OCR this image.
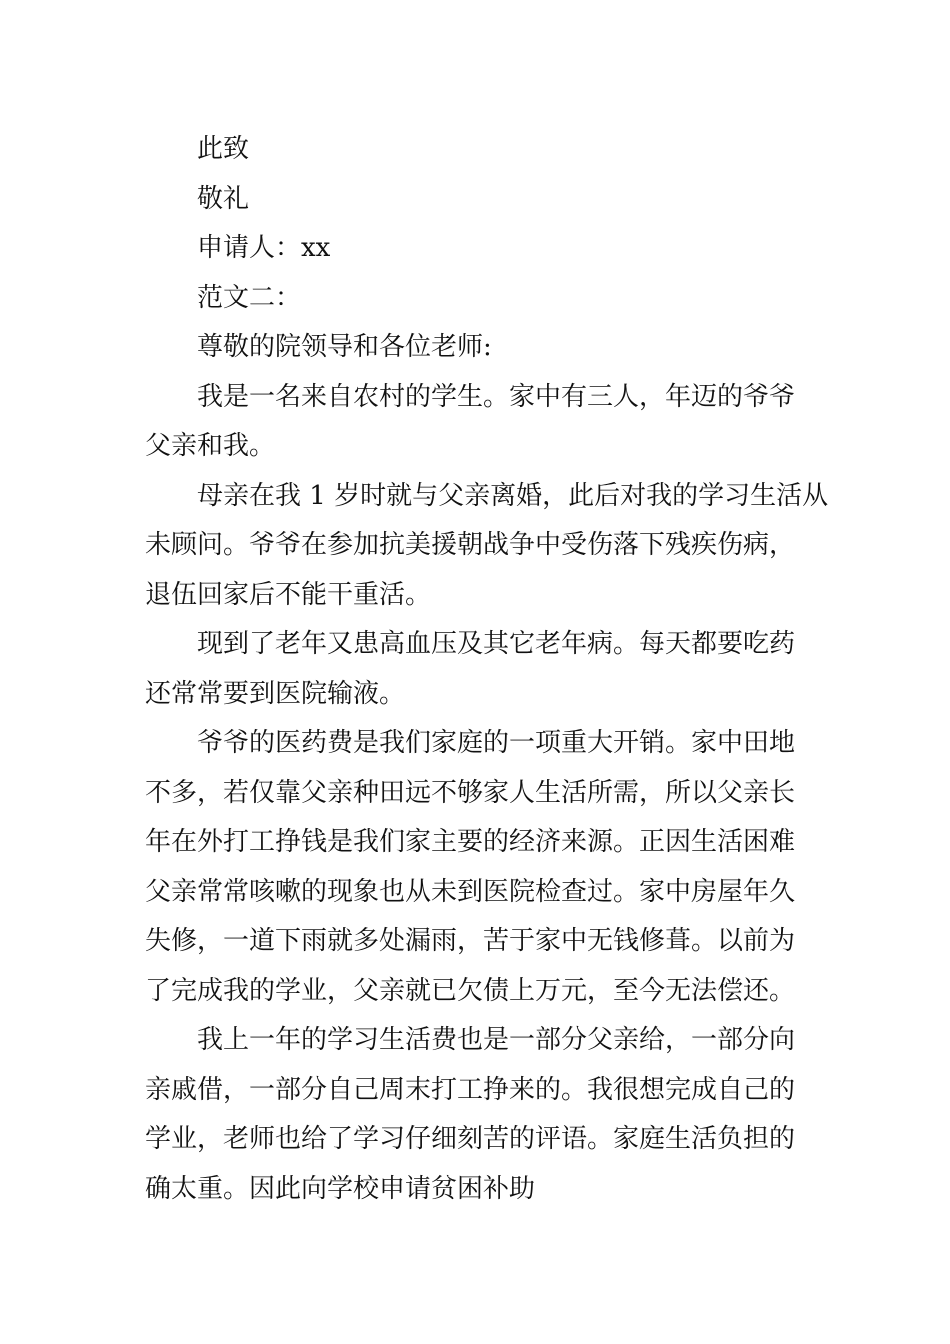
此致
敬礼
申请人：xx
范文二：
尊敬的院领导和各位老师:
我是一名来自农村的学生。家中有三人，年迈的爷爷
父亲和我。
母亲在我 1 岁时就与父亲离婚，此后对我的学习生活从
未顾问。爷爷在参加抗美援朝战争中受伤落下残疾伤病，
退伍回家后不能干重活。
现到了老年又患高血压及其它老年病。每天都要吃药
还常常要到医院输液。
爷爷的医药费是我们家庭的一项重大开销。家中田地
不多，若仅靠父亲种田远不够家人生活所需，所以父亲长
年在外打工挣钱是我们家主要的经济来源。正因生活困难
父亲常常咳嗽的现象也从未到医院检查过。家中房屋年久
失修，一道下雨就多处漏雨，苦于家中无钱修葺。以前为
了完成我的学业，父亲就已欠债上万元，至今无法偿还。
我上一年的学习生活费也是一部分父亲给，一部分向
亲戚借，一部分自己周末打工挣来的。我很想完成自己的
学业，老师也给了学习仔细刻苦的评语。家庭生活负担的
确太重。因此向学校申请贫困补助
